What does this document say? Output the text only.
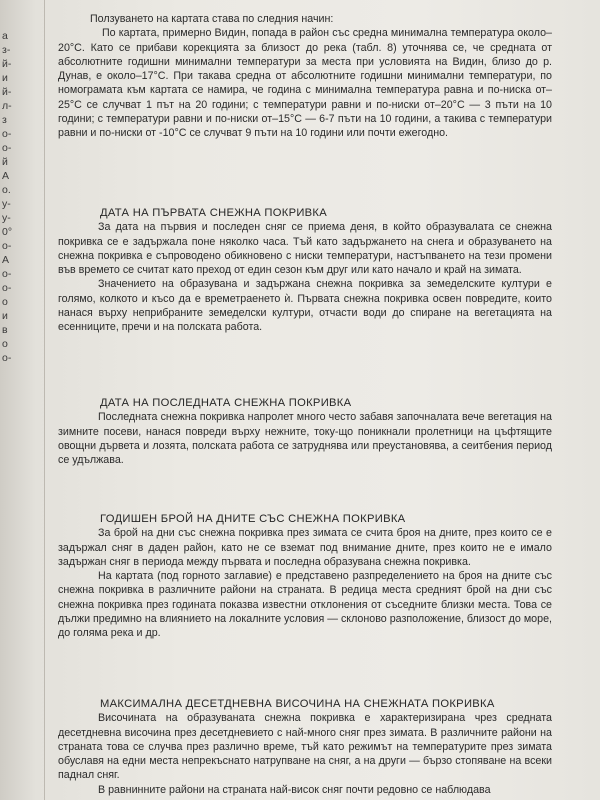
a
з-
й-
и
й-
л-
з
о-
о-
й
А
о.
у-
у-
0°
о-
А
о-
о-
о
и
в
о
о-

Ползуването на картата става по следния начин:

По картата, примерно Видин, попада в район със средна минимална температура около–20°С. Като се прибави корекцията за близост до река (табл. 8) уточнява се, че средната от абсолютните годишни минимални температури за места при условията на Видин, близо до р. Дунав, е около–17°С. При такава средна от абсолютните годишни минимални температури, по номограмата към картата се намира, че година с минимална температура равна и по-ниска от–25°С се случват 1 път на 20 години; с температури равни и по-ниски от–20°С — 3 пъти на 10 години; с температури равни и по-ниски от–15°С — 6-7 пъти на 10 години, а такива с температури равни и по-ниски от -10°С се случват 9 пъти на 10 години или почти ежегодно.

ДАТА НА ПЪРВАТА СНЕЖНА ПОКРИВКА

За дата на първия и последен сняг се приема деня, в който образувалата се снежна покривка се е задържала поне няколко часа. Тъй като задържането на снега и образуването на снежна покривка е съпроводено обикновено с ниски температури, настъпването на тези промени във времето се считат като преход от един сезон към друг или като начало и край на зимата.

Значението на образувана и задържана снежна покривка за земеделските култури е голямо, колкото и късо да е времетраенето ѝ. Първата снежна покривка освен повредите, които нанася върху неприбраните земеделски култури, отчасти води до спиране на вегетацията на есенниците, пречи и на полската работа.

ДАТА НА ПОСЛЕДНАТА СНЕЖНА ПОКРИВКА

Последната снежна покривка напролет много често забавя започналата вече вегетация на зимните посеви, нанася повреди върху нежните, току-що поникнали пролетници на цъфтящите овощни дървета и лозята, полската работа се затруднява или преустановява, а сеитбения период се удължава.

ГОДИШЕН БРОЙ НА ДНИТЕ СЪС СНЕЖНА ПОКРИВКА

За брой на дни със снежна покривка през зимата се счита броя на дните, през които се е задържал сняг в даден район, като не се вземат под внимание дните, през които не е имало задържан сняг в периода между първата и последна образувана снежна покривка.

На картата (под горното заглавие) е представено разпределението на броя на дните със снежна покривка в различните райони на страната. В редица места средният брой на дни със снежна покривка през годината показва известни отклонения от съседните близки места. Това се дължи предимно на влиянието на локалните условия — склоново разположение, близост до море, до голяма река и др.

МАКСИМАЛНА ДЕСЕТДНЕВНА ВИСОЧИНА НА СНЕЖНАТА ПОКРИВКА

Височината на образуваната снежна покривка е характеризирана чрез средната десетдневна височина през десетдневието с най-много сняг през зимата. В различните райони на страната това се случва през различно време, тъй като режимът на температурите през зимата обуславя на едни места непрекъснато натрупване на сняг, а на други — бързо стопяване на всеки паднал сняг.

В равнинните райони на страната най-висок сняг почти редовно се наблюдава
